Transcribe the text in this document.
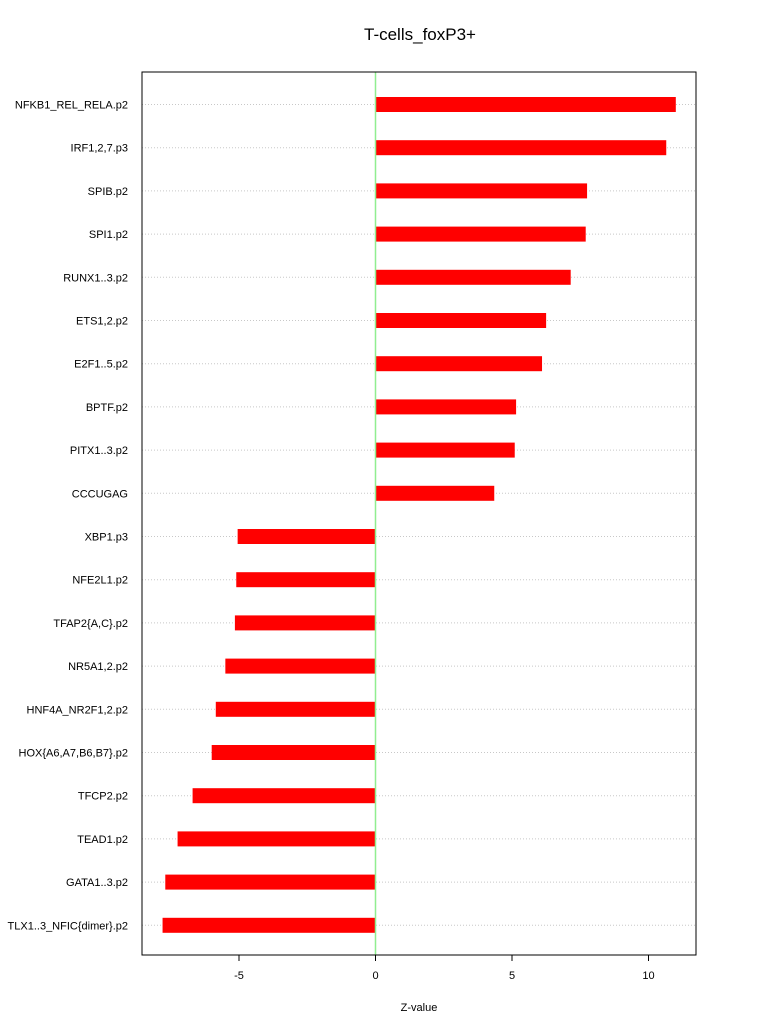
T-cells_foxP3+
NFKB1_REL_RELA.p2
IRF1,2,7.p3
SPIB.p2
SPI1.p2
RUNX1..3.p2
ETS1,2.p2
E2F1..5.p2
BPTF.p2
PITX1..3.p2
CCCUGAG
XBP1.p3
NFE2L1.p2
TFAP2{A,C}.p2
NR5A1,2.p2
HNF4A_NR2F1,2.p2
HOX{A6,A7,B6,B7}.p2
TFCP2.p2
TEAD1.p2
GATA1..3.p2
TLX1..3_NFIC{dimer}.p2
-5	0	5	10
Z-value
